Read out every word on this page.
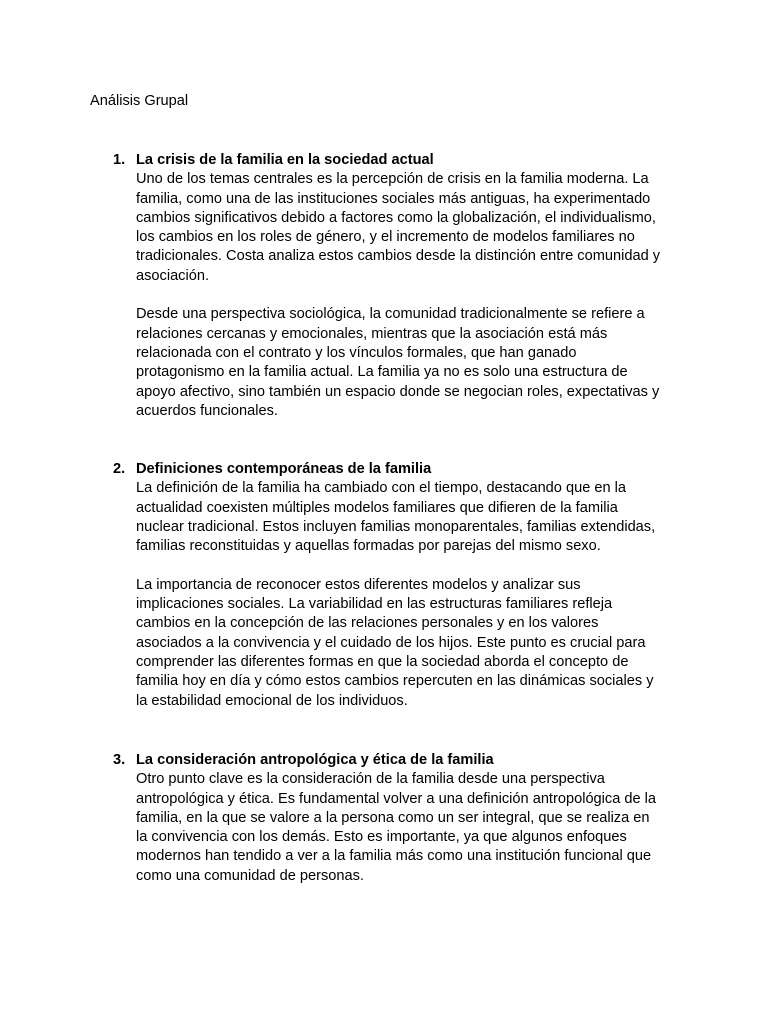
Análisis Grupal
1. La crisis de la familia en la sociedad actual

Uno de los temas centrales es la percepción de crisis en la familia moderna. La
familia, como una de las instituciones sociales más antiguas, ha experimentado
cambios significativos debido a factores como la globalización, el individualismo,
los cambios en los roles de género, y el incremento de modelos familiares no
tradicionales. Costa analiza estos cambios desde la distinción entre comunidad y
asociación.

Desde una perspectiva sociológica, la comunidad tradicionalmente se refiere a
relaciones cercanas y emocionales, mientras que la asociación está más
relacionada con el contrato y los vínculos formales, que han ganado
protagonismo en la familia actual. La familia ya no es solo una estructura de
apoyo afectivo, sino también un espacio donde se negocian roles, expectativas y
acuerdos funcionales.

2. Definiciones contemporáneas de la familia

La definición de la familia ha cambiado con el tiempo, destacando que en la
actualidad coexisten múltiples modelos familiares que difieren de la familia
nuclear tradicional. Estos incluyen familias monoparentales, familias extendidas,
familias reconstituidas y aquellas formadas por parejas del mismo sexo.

La importancia de reconocer estos diferentes modelos y analizar sus
implicaciones sociales. La variabilidad en las estructuras familiares refleja
cambios en la concepción de las relaciones personales y en los valores
asociados a la convivencia y el cuidado de los hijos. Este punto es crucial para
comprender las diferentes formas en que la sociedad aborda el concepto de
familia hoy en día y cómo estos cambios repercuten en las dinámicas sociales y
la estabilidad emocional de los individuos.

3. La consideración antropológica y ética de la familia

Otro punto clave es la consideración de la familia desde una perspectiva
antropológica y ética. Es fundamental volver a una definición antropológica de la
familia, en la que se valore a la persona como un ser integral, que se realiza en
la convivencia con los demás. Esto es importante, ya que algunos enfoques
modernos han tendido a ver a la familia más como una institución funcional que
como una comunidad de personas.
